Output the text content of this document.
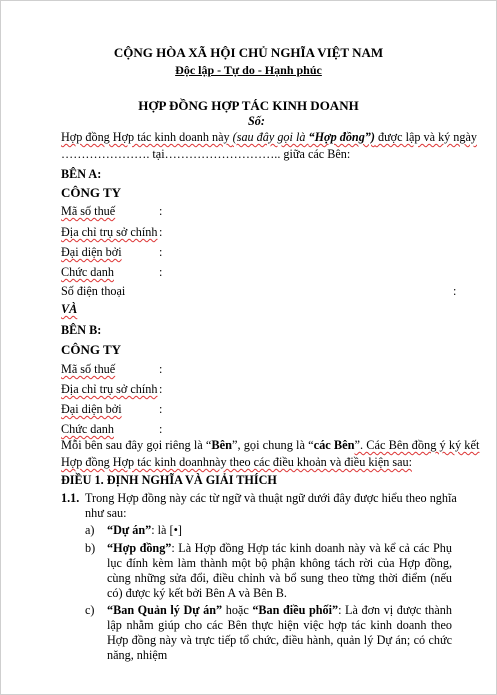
CỘNG HÒA XÃ HỘI CHỦ NGHĨA VIỆT NAM
Độc lập - Tự do - Hạnh phúc
HỢP ĐỒNG HỢP TÁC KINH DOANH
Số:
Hợp đồng Hợp tác kinh doanh này (sau đây gọi là “Hợp đồng”) được lập và ký ngày
…………………. tại……………………….. giữa các Bên:
BÊN A:
CÔNG TY
Mã số thuế	:
Địa chỉ trụ sở chính :
Đại diện bởi	:
Chức danh	:
Số điện thoại	:
VÀ
BÊN B:
CÔNG TY
Mã số thuế	:
Địa chỉ trụ sở chính :
Đại diện bởi	:
Chức danh	:
Mỗi bên sau đây gọi riêng là “Bên”, gọi chung là “các Bên”. Các Bên đồng ý ký kết
Hợp đồng Hợp tác kinh doanhnày theo các điều khoản và điều kiện sau:
ĐIỀU 1. ĐỊNH NGHĨA VÀ GIẢI THÍCH
1.1. Trong Hợp đồng này các từ ngữ và thuật ngữ dưới đây được hiểu theo nghĩa
như sau:
a) “Dự án”: là [•]
b) “Hợp đồng”: Là Hợp đồng Hợp tác kinh doanh này và kể cả các Phụ lục đính kèm làm thành một bộ phận không tách rời của Hợp đồng, cùng những sửa đổi, điều chỉnh và bổ sung theo từng thời điểm (nếu có) được ký kết bởi Bên A và Bên B.
c) “Ban Quản lý Dự án” hoặc “Ban điều phối”: Là đơn vị được thành lập nhằm giúp cho các Bên thực hiện việc hợp tác kinh doanh theo Hợp đồng này và trực tiếp tổ chức, điều hành, quản lý Dự án; có chức năng, nhiệm
